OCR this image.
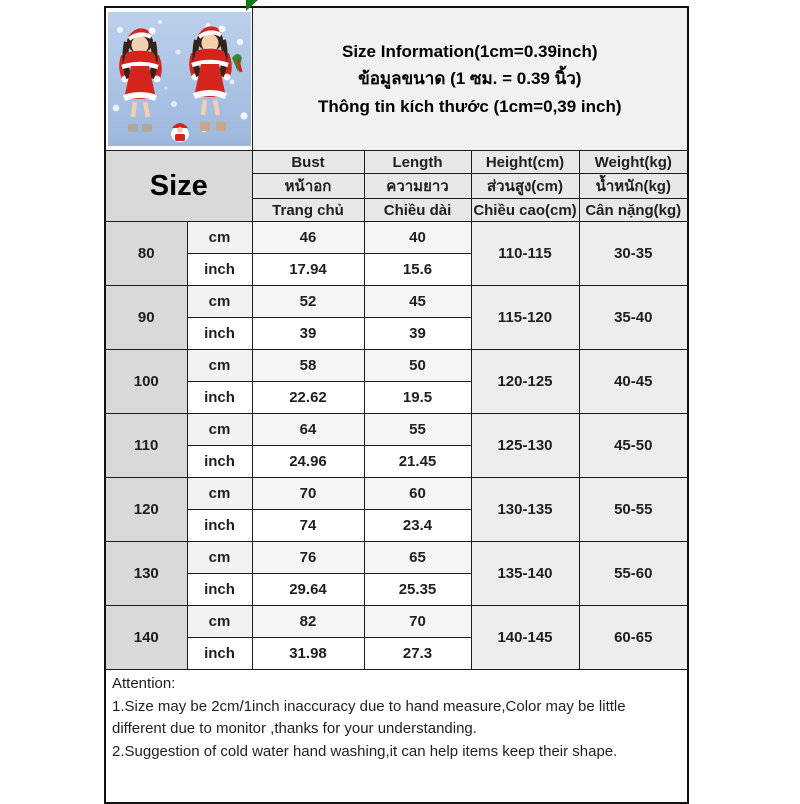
Size Information(1cm=0.39inch)
ข้อมูลขนาด (1 ซม. = 0.39 นิ้ว)
Thông tin kích thước (1cm=0,39 inch)			

Size		Bust	Length	Height(cm)	Weight(kg)
		หน้าอก	ความยาว	ส่วนสูง(cm)	น้ำหนัก(kg)
		Trang chủ	Chiều dài	Chiều cao(cm)	Cân nặng(kg)
80	cm	46	40	110-115	30-35
	inch	17.94	15.6		
90	cm	52	45	115-120	35-40
	inch	39	39		
100	cm	58	50	120-125	40-45
	inch	22.62	19.5		
110	cm	64	55	125-130	45-50
	inch	24.96	21.45		
120	cm	70	60	130-135	50-55
	inch	74	23.4		
130	cm	76	65	135-140	55-60
	inch	29.64	25.35		
140	cm	82	70	140-145	60-65
	inch	31.98	27.3		

Attention:
1.Size may be 2cm/1inch inaccuracy due to hand measure,Color may be little different due to monitor ,thanks for your understanding.
2.Suggestion of cold water hand washing,it can help items keep their shape.					
